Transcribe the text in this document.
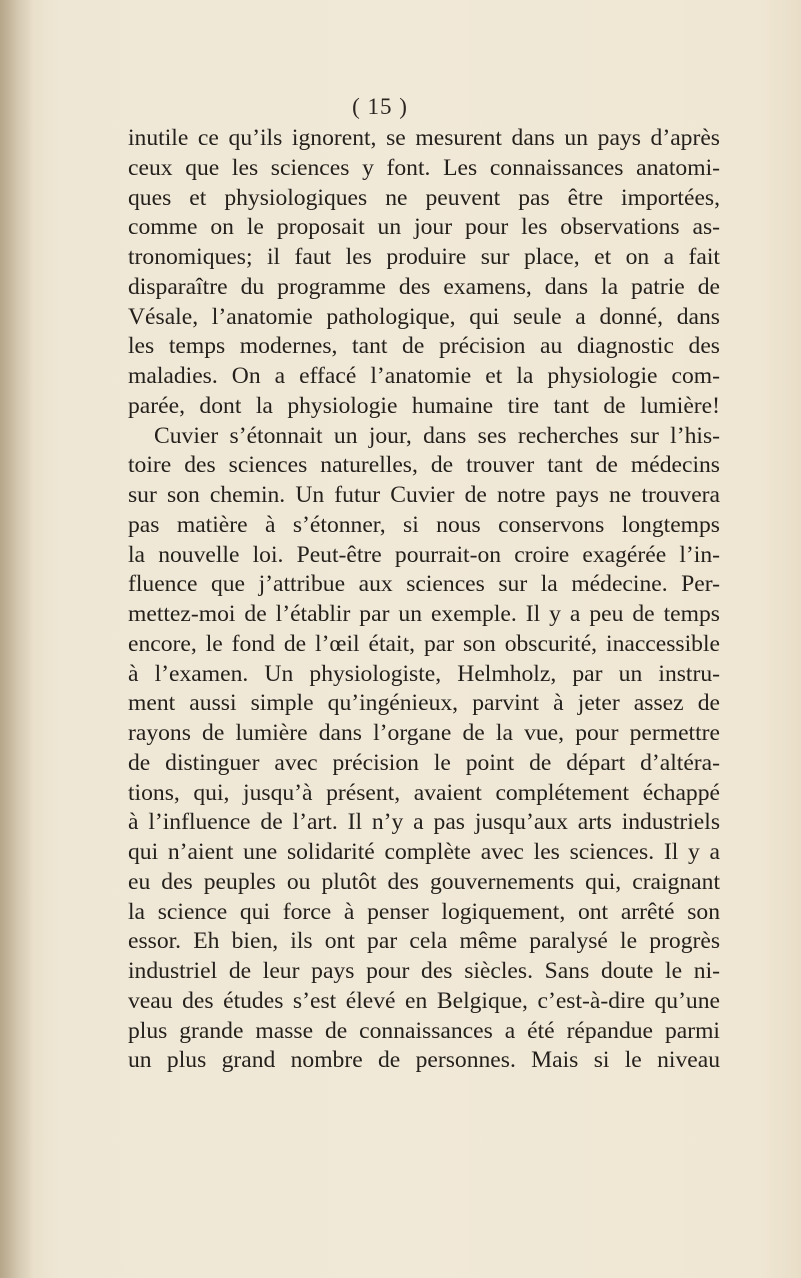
( 15 )
inutile ce qu’ils ignorent, se mesurent dans un pays d’après
ceux que les sciences y font. Les connaissances anatomi-
ques et physiologiques ne peuvent pas être importées,
comme on le proposait un jour pour les observations as-
tronomiques; il faut les produire sur place, et on a fait
disparaître du programme des examens, dans la patrie de
Vésale, l’anatomie pathologique, qui seule a donné, dans
les temps modernes, tant de précision au diagnostic des
maladies. On a effacé l’anatomie et la physiologie com-
parée, dont la physiologie humaine tire tant de lumière!
Cuvier s’étonnait un jour, dans ses recherches sur l’his-
toire des sciences naturelles, de trouver tant de médecins
sur son chemin. Un futur Cuvier de notre pays ne trouvera
pas matière à s’étonner, si nous conservons longtemps
la nouvelle loi. Peut-être pourrait-on croire exagérée l’in-
fluence que j’attribue aux sciences sur la médecine. Per-
mettez-moi de l’établir par un exemple. Il y a peu de temps
encore, le fond de l’œil était, par son obscurité, inaccessible
à l’examen. Un physiologiste, Helmholz, par un instru-
ment aussi simple qu’ingénieux, parvint à jeter assez de
rayons de lumière dans l’organe de la vue, pour permettre
de distinguer avec précision le point de départ d’altéra-
tions, qui, jusqu’à présent, avaient complétement échappé
à l’influence de l’art. Il n’y a pas jusqu’aux arts industriels
qui n’aient une solidarité complète avec les sciences. Il y a
eu des peuples ou plutôt des gouvernements qui, craignant
la science qui force à penser logiquement, ont arrêté son
essor. Eh bien, ils ont par cela même paralysé le progrès
industriel de leur pays pour des siècles. Sans doute le ni-
veau des études s’est élevé en Belgique, c’est-à-dire qu’une
plus grande masse de connaissances a été répandue parmi
un plus grand nombre de personnes. Mais si le niveau
